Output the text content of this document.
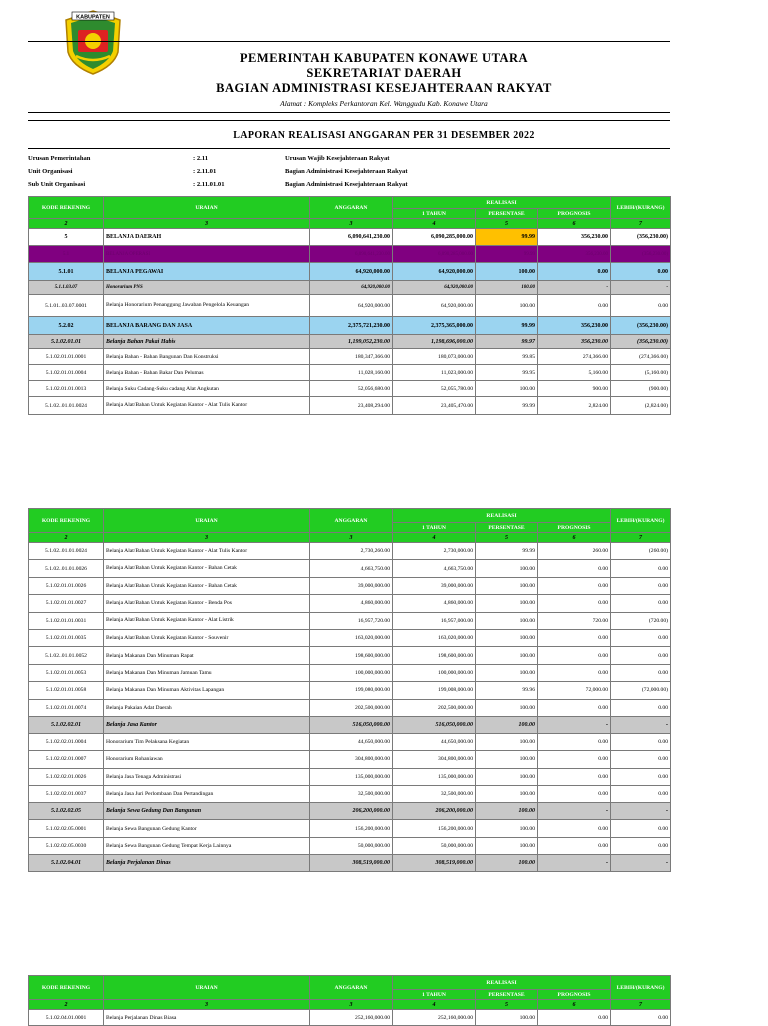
KABUPATEN
PEMERINTAH KABUPATEN KONAWE UTARA
SEKRETARIAT DAERAH
BAGIAN ADMINISTRASI KESEJAHTERAAN RAKYAT
Alamat : Kompleks Perkantoran Kel. Wanggudu Kab. Konawe Utara
LAPORAN REALISASI ANGGARAN PER 31 DESEMBER 2022
Urusan Pemerintahan	: 2.11	Urusan Wajib Kesejahteraan Rakyat
Unit Organisasi	: 2.11.01	Bagian Administrasi Kesejahteraan Rakyat
Sub Unit Organisasi	: 2.11.01.01	Bagian Administrasi Kesejahteraan Rakyat
KODE REKENING	URAIAN	ANGGARAN	REALISASI			LEBIH/(KURANG)
			1 TAHUN	PERSENTASE	PROGNOSIS	
2	3	3	4	5	6	7
5	BELANJA DAERAH	6,090,641,230.00	6,090,285,000.00	99.99	356,230.00	(356,230.00)
5.1	BELANJA OPERASI	6,090,641,230.00	6,090,285,000.00	99.99	356,230.00	(356,230.00)
5.1.01	BELANJA PEGAWAI	64,920,000.00	64,920,000.00	100.00	0.00	0.00
5.1.1.03.07	Honorarium PNS	64,920,000.00	64,920,000.00	100.00	-	-
5.1.01..03.07.0001	Belanja Honorarium Penanggung Jawaban Pengelola Keuangan	64,920,000.00	64,920,000.00	100.00	0.00	0.00
5.2.02	BELANJA BARANG DAN JASA	2,375,721,230.00	2,375,365,000.00	99.99	356,230.00	(356,230.00)
5.1.02.01.01	Belanja Bahan Pakai Habis	1,199,052,230.00	1,198,696,000.00	99.97	356,230.00	(356,230.00)
5.1.02.01.01.0001	Belanja Bahan - Bahan Bangunan Dan Konstruksi	180,347,366.00	180,073,000.00	99.85	274,366.00	(274,366.00)
5.1.02.01.01.0004	Belanja Bahan - Bahan Bakar Dan Pelumas	11,028,160.00	11,023,000.00	99.95	5,160.00	(5,160.00)
5.1.02.01.01.0013	Belanja Suku Cadang-Suku cadang Alat Angkutan	52,056,680.00	52,055,780.00	100.00	900.00	(900.00)
5.1.02..01.01.0024	Belanja Alat/Bahan Untuk Kegiatan Kantor - Alat Tulis Kantor	23,408,294.00	23,405,470.00	99.99	2,824.00	(2,824.00)
KODE REKENING	URAIAN	ANGGARAN	REALISASI			LEBIH/(KURANG)
			1 TAHUN	PERSENTASE	PROGNOSIS	
2	3	3	4	5	6	7
5.1.02..01.01.0024	Belanja Alat/Bahan Untuk Kegiatan Kantor - Alat Tulis Kantor	2,730,260.00	2,730,000.00	99.99	260.00	(260.00)
5.1.02..01.01.0026	Belanja Alat/Bahan Untuk Kegiatan Kantor - Bahan Cetak	4,663,750.00	4,663,750.00	100.00	0.00	0.00
5.1.02.01.01.0026	Belanja Alat/Bahan Untuk Kegiatan Kantor - Bahan Cetak	39,000,000.00	39,000,000.00	100.00	0.00	0.00
5.1.02.01.01.0027	Belanja Alat/Bahan Untuk Kegiatan Kantor - Benda Pos	4,860,000.00	4,860,000.00	100.00	0.00	0.00
5.1.02.01.01.0031	Belanja Alat/Bahan Untuk Kegiatan Kantor - Alat Listrik	16,957,720.00	16,957,000.00	100.00	720.00	(720.00)
5.1.02.01.01.0035	Belanja Alat/Bahan Untuk Kegiatan Kantor - Souvenir	163,020,000.00	163,020,000.00	100.00	0.00	0.00
5.1.02..01.01.0052	Belanja Makanan Dan Minuman Rapat	198,600,000.00	198,600,000.00	100.00	0.00	0.00
5.1.02.01.01.0053	Belanja Makanan Dan Minuman Jamuan Tamu	100,000,000.00	100,000,000.00	100.00	0.00	0.00
5.1.02.01.01.0058	Belanja Makanan Dan Minuman Aktivitas Lapangan	199,080,000.00	199,008,000.00	99.96	72,000.00	(72,000.00)
5.1.02.01.01.0074	Belanja Pakaian Adat Daerah	202,500,000.00	202,500,000.00	100.00	0.00	0.00
5.1.02.02.01	Belanja Jasa Kantor	516,050,000.00	516,050,000.00	100.00	-	-
5.1.02.02.01.0004	Honorarium Tim Pelaksana Kegiatan	44,650,000.00	44,650,000.00	100.00	0.00	0.00
5.1.02.02.01.0007	Honorarium Rohaniawan	304,800,000.00	304,800,000.00	100.00	0.00	0.00
5.1.02.02.01.0026	Belanja Jasa Tenaga Administrasi	135,000,000.00	135,000,000.00	100.00	0.00	0.00
5.1.02.02.01.0037	Belanja Jasa Juri Perlombaan Dan Pertandingan	32,500,000.00	32,500,000.00	100.00	0.00	0.00
5.1.02.02.05	Belanja Sewa Gedung Dan Bangunan	206,200,000.00	206,200,000.00	100.00	-	-
5.1.02.02.05.0001	Belanja Sewa Bangunan Gedung Kantor	156,200,000.00	156,200,000.00	100.00	0.00	0.00
5.1.02.02.05.0030	Belanja Sewa Bangunan Gedung Tempat Kerja Lainnya	50,000,000.00	50,000,000.00	100.00	0.00	0.00
5.1.02.04.01	Belanja Perjalanan Dinas	308,519,000.00	308,519,000.00	100.00	-	-
KODE REKENING	URAIAN	ANGGARAN	REALISASI			LEBIH/(KURANG)
			1 TAHUN	PERSENTASE	PROGNOSIS	
2	3	3	4	5	6	7
5.1.02.04.01.0001	Belanja Perjalanan Dinas Biasa	252,160,000.00	252,160,000.00	100.00	0.00	0.00
